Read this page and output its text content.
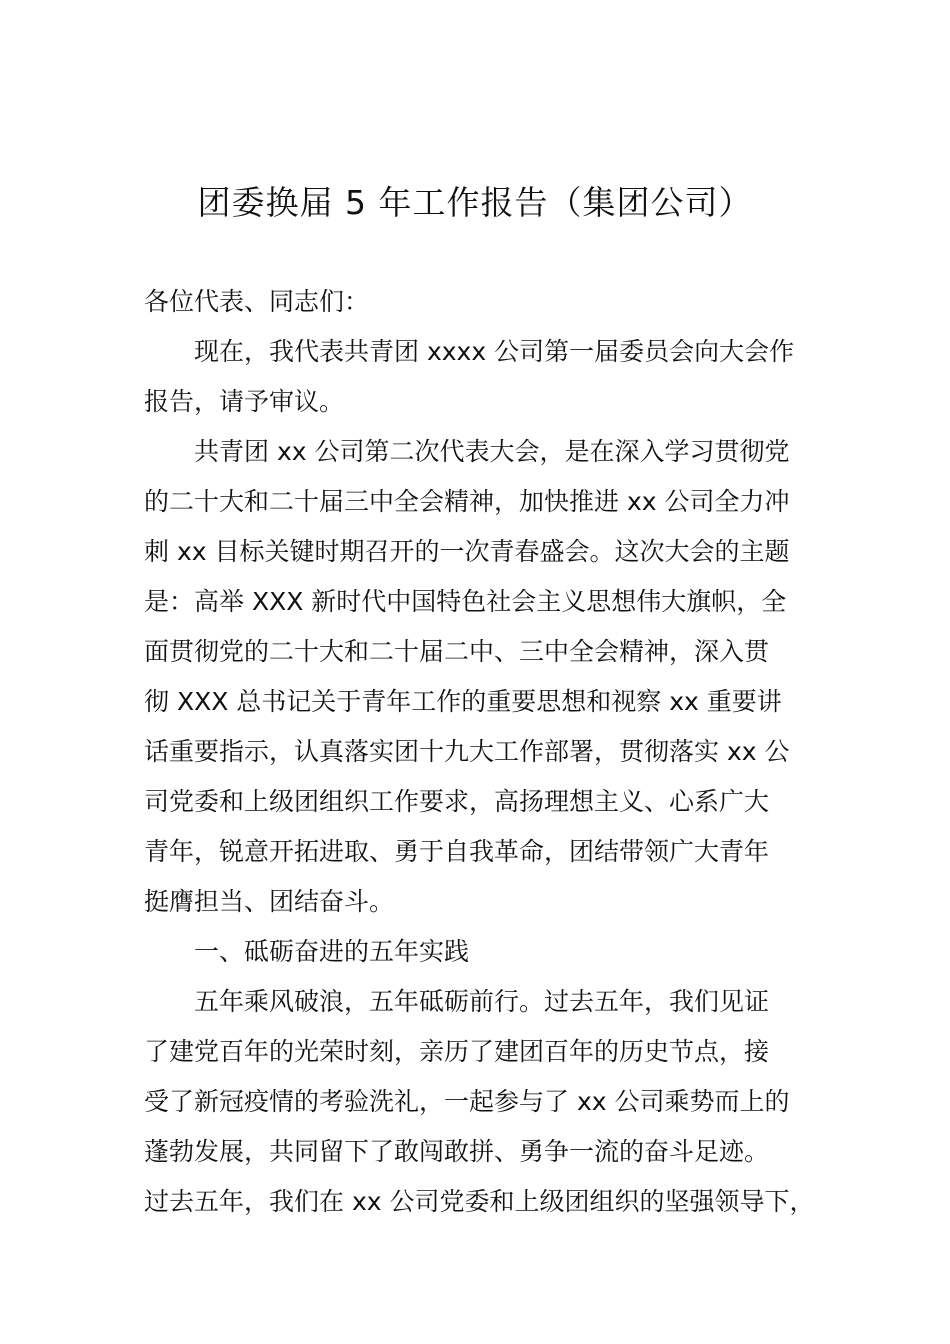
团委换届 5 年工作报告（集团公司）
各位代表、同志们：
现在，我代表共青团 xxxx 公司第一届委员会向大会作
报告，请予审议。
共青团 xx 公司第二次代表大会，是在深入学习贯彻党
的二十大和二十届三中全会精神，加快推进 xx 公司全力冲
刺 xx 目标关键时期召开的一次青春盛会。这次大会的主题
是：高举 XXX 新时代中国特色社会主义思想伟大旗帜，全
面贯彻党的二十大和二十届二中、三中全会精神，深入贯
彻 XXX 总书记关于青年工作的重要思想和视察 xx 重要讲
话重要指示，认真落实团十九大工作部署，贯彻落实 xx 公
司党委和上级团组织工作要求，高扬理想主义、心系广大
青年，锐意开拓进取、勇于自我革命，团结带领广大青年
挺膺担当、团结奋斗。
一、砥砺奋进的五年实践
五年乘风破浪，五年砥砺前行。过去五年，我们见证
了建党百年的光荣时刻，亲历了建团百年的历史节点，接
受了新冠疫情的考验洗礼，一起参与了 xx 公司乘势而上的
蓬勃发展，共同留下了敢闯敢拼、勇争一流的奋斗足迹。
过去五年，我们在 xx 公司党委和上级团组织的坚强领导下，
